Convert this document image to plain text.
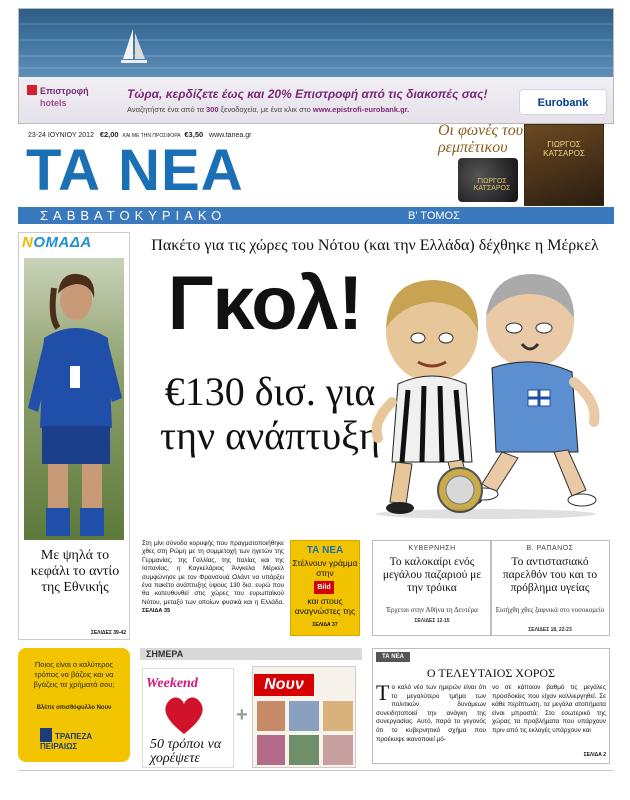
Επιστροφή
hotels
Τώρα, κερδίζετε έως και 20% Επιστροφή από τις διακοπές σας!
Αναζητήστε ένα από τα 300 ξενοδοχεία, με ένα κλικ στο www.epistrofi-eurobank.gr.
Eurobank
23-24 ΙΟΥΝΙΟΥ 2012 €2,00 ΚΑΙ ΜΕ ΤΗΝ ΠΡΟΣΦΟΡΑ €3,50 www.tanea.gr
ΤΑ ΝΕΑ
ΣΑΒΒΑΤΟΚΥΡΙΑΚΟ	Β' ΤΟΜΟΣ
Οι φωνές του ρεμπέτικου
ΓΙΩΡΓΟΣ ΚΑΤΣΑΡΟΣ
ΓΙΩΡΓΟΣ ΚΑΤΣΑΡΟΣ
NΟΜΑΔΑ
Με ψηλά το κεφάλι το αντίο της Εθνικής
ΣΕΛΙΔΕΣ 39-42
Πακέτο για τις χώρες του Νότου (και την Ελλάδα) δέχθηκε η Μέρκελ
Γκολ!
€130 δισ. για την ανάπτυξη
Στη μίνι σύνοδο κορυφής που πραγματοποιήθηκε χθες στη Ρώμη με τη συμμετοχή των ηγετών της Γερμανίας, της Γαλλίας, της Ιταλίας και της Ισπανίας, η Καγκελάριος Άνγκελα Μέρκελ συμφώνησε με τον Φρανσουά Ολάντ να υπάρξει ένα πακέτο ανάπτυξης ύψους 130 δισ. ευρώ που θα κατευθυνθεί στις χώρες του ευρωπαϊκού Νότου, μεταξύ των οποίων φυσικά και η Ελλάδα. ΣΕΛΙΔΑ 35
ΤΑ ΝΕΑ
Στέλνουν γράμμα στην
Bild
και στους αναγνώστες της
ΣΕΛΙΔΑ 37
ΚΥΒΕΡΝΗΣΗ
Το καλοκαίρι ενός μεγάλου παζαριού με την τρόικα
Έρχεται στην Αθήνα τη Δευτέρα
ΣΕΛΙΔΕΣ 12-15
Β. ΡΑΠΑΝΟΣ
Το αντιστασιακό παρελθόν του και το πρόβλημα υγείας
Εισήχθη χθες ξαφνικά στο νοσοκομείο
ΣΕΛΙΔΕΣ 18, 22-23
Ποιος είναι ο καλύτερος τρόπος να βάζεις και να βγάζεις τα χρήματά σου;
Βλέπε οπισθόφυλλο Νουν
ΤΡΑΠΕΖΑ ΠΕΙΡΑΙΩΣ
ΣΗΜΕΡΑ
Weekend
50 τρόποι να χορέψετε
+
Νουν
ΤΑ ΝΕΑ
Ο ΤΕΛΕΥΤΑΙΟΣ ΧΟΡΟΣ
Το καλό νέο των ημερών είναι ότι το μεγαλύτερο τμήμα των πολιτικών δυνάμεων συνειδητοποιεί την ανάγκη της συνεργασίας. Αυτό, παρά το γεγονός ότι το κυβερνητικό σχήμα που προέκυψε ικανοποιεί μό-
νο σε κάποιον βαθμό τις μεγάλες προσδοκίες που είχαν καλλιεργηθεί. Σε κάθε περίπτωση, τα μεγάλα ατοπήματα είναι μπροστά: Στο εσωτερικό της χώρας τα προβλήματα που υπάρχουν πριν από τις εκλογές υπάρχουν και
ΣΕΛΙΔΑ 2
